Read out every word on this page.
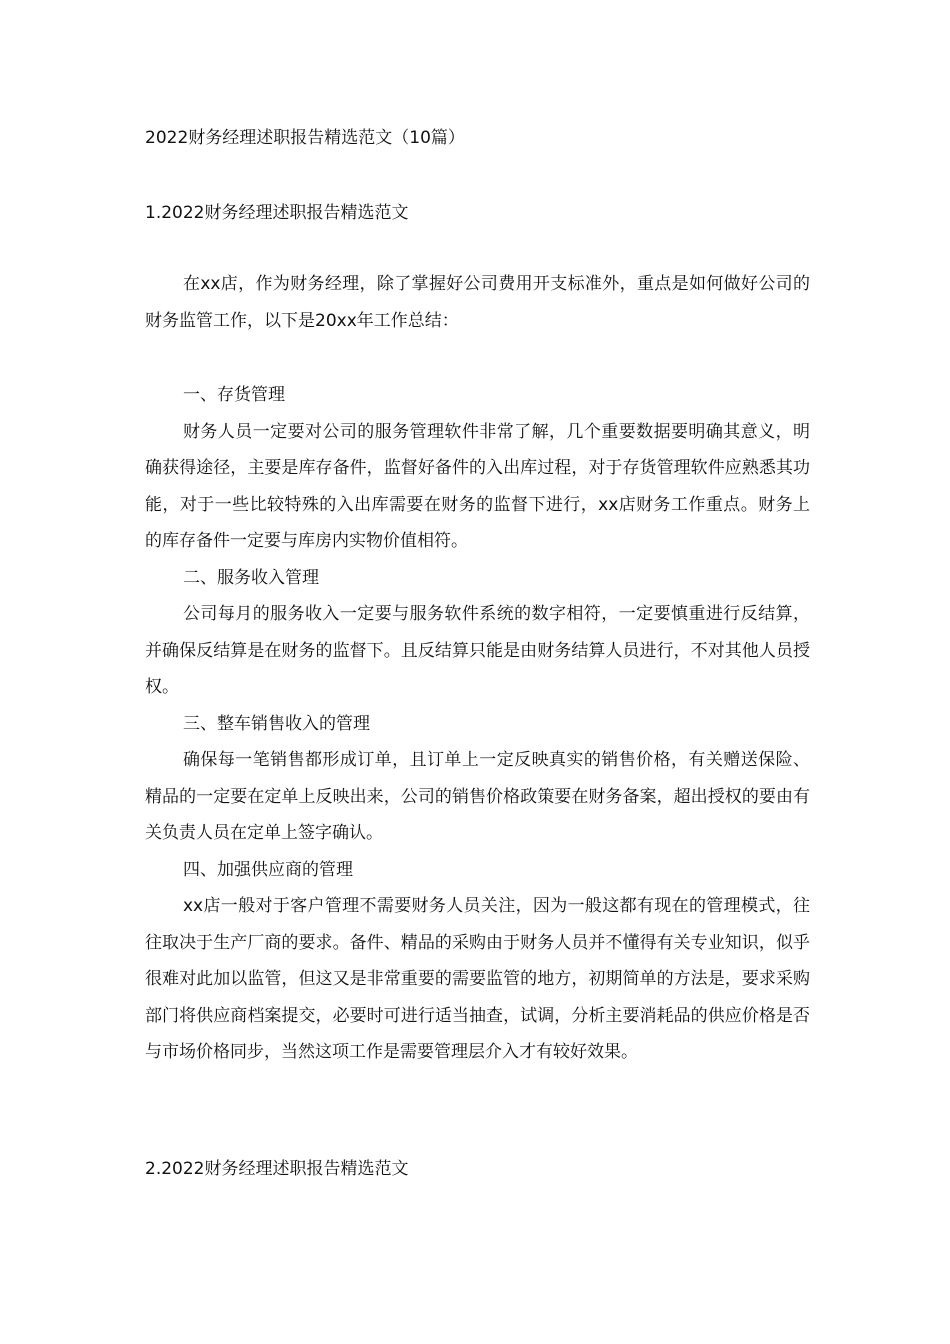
2022财务经理述职报告精选范文（10篇）
1.2022财务经理述职报告精选范文

在xx店，作为财务经理，除了掌握好公司费用开支标准外，重点是如何做好公司的财务监管工作，以下是20xx年工作总结：

一、存货管理

财务人员一定要对公司的服务管理软件非常了解，几个重要数据要明确其意义，明确获得途径，主要是库存备件，监督好备件的入出库过程，对于存货管理软件应熟悉其功能，对于一些比较特殊的入出库需要在财务的监督下进行，xx店财务工作重点。财务上的库存备件一定要与库房内实物价值相符。

二、服务收入管理

公司每月的服务收入一定要与服务软件系统的数字相符，一定要慎重进行反结算，并确保反结算是在财务的监督下。且反结算只能是由财务结算人员进行，不对其他人员授权。

三、整车销售收入的管理

确保每一笔销售都形成订单，且订单上一定反映真实的销售价格，有关赠送保险、精品的一定要在定单上反映出来，公司的销售价格政策要在财务备案，超出授权的要由有关负责人员在定单上签字确认。

四、加强供应商的管理

xx店一般对于客户管理不需要财务人员关注，因为一般这都有现在的管理模式，往往取决于生产厂商的要求。备件、精品的采购由于财务人员并不懂得有关专业知识，似乎很难对此加以监管，但这又是非常重要的需要监管的地方，初期简单的方法是，要求采购部门将供应商档案提交，必要时可进行适当抽查，试调，分析主要消耗品的供应价格是否与市场价格同步，当然这项工作是需要管理层介入才有较好效果。

2.2022财务经理述职报告精选范文
